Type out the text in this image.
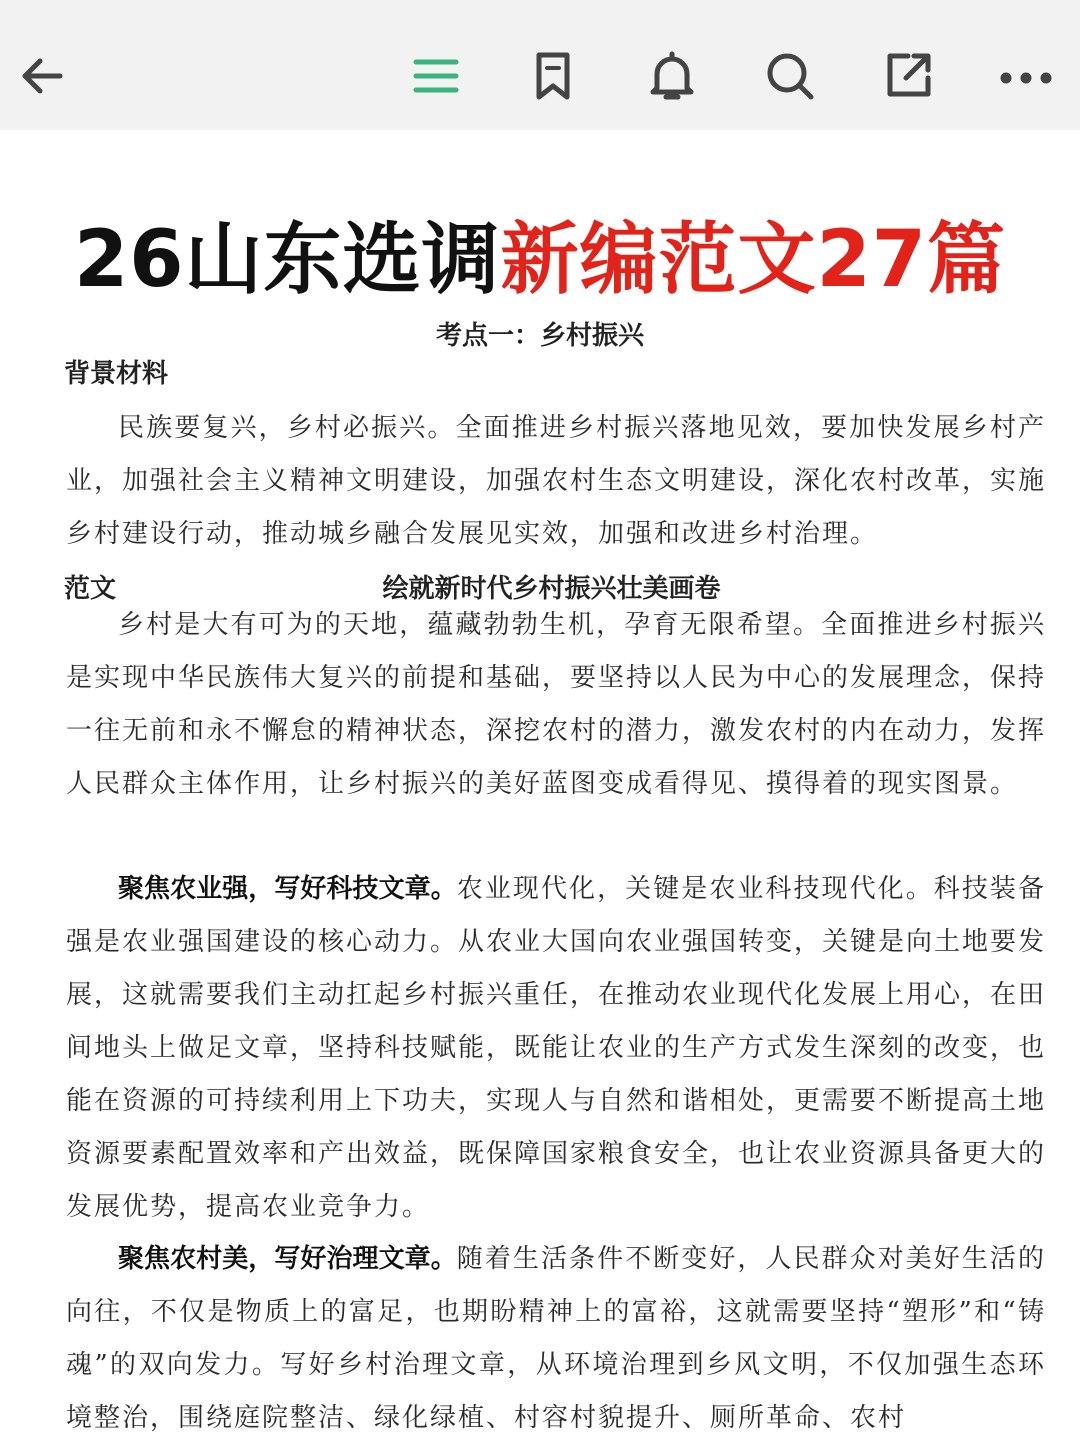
26山东选调新编范文27篇
考点一：乡村振兴
背景材料

民族要复兴，乡村必振兴。全面推进乡村振兴落地见效，要加快发展乡村产业，加强社会主义精神文明建设，加强农村生态文明建设，深化农村改革，实施乡村建设行动，推动城乡融合发展见实效，加强和改进乡村治理。

范文	绘就新时代乡村振兴壮美画卷

乡村是大有可为的天地，蕴藏勃勃生机，孕育无限希望。全面推进乡村振兴是实现中华民族伟大复兴的前提和基础，要坚持以人民为中心的发展理念，保持一往无前和永不懈怠的精神状态，深挖农村的潜力，激发农村的内在动力，发挥人民群众主体作用，让乡村振兴的美好蓝图变成看得见、摸得着的现实图景。

聚焦农业强，写好科技文章。农业现代化，关键是农业科技现代化。科技装备强是农业强国建设的核心动力。从农业大国向农业强国转变，关键是向土地要发展，这就需要我们主动扛起乡村振兴重任，在推动农业现代化发展上用心，在田间地头上做足文章，坚持科技赋能，既能让农业的生产方式发生深刻的改变，也能在资源的可持续利用上下功夫，实现人与自然和谐相处，更需要不断提高土地资源要素配置效率和产出效益，既保障国家粮食安全，也让农业资源具备更大的发展优势，提高农业竞争力。

聚焦农村美，写好治理文章。随着生活条件不断变好，人民群众对美好生活的向往，不仅是物质上的富足，也期盼精神上的富裕，这就需要坚持“塑形”和“铸魂”的双向发力。写好乡村治理文章，从环境治理到乡风文明，不仅加强生态环境整治，围绕庭院整洁、绿化绿植、村容村貌提升、厕所革命、农村
